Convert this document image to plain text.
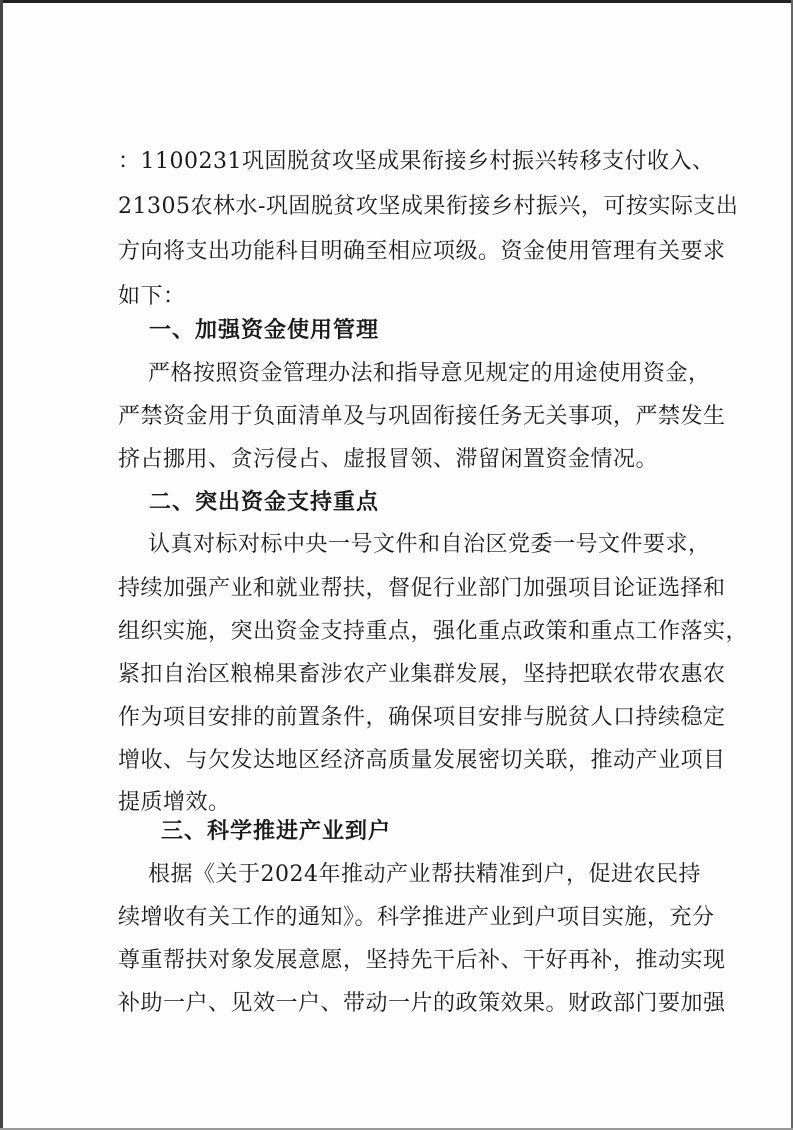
：1100231巩固脱贫攻坚成果衔接乡村振兴转移支付收入、
21305农林水-巩固脱贫攻坚成果衔接乡村振兴，可按实际支出
方向将支出功能科目明确至相应项级。资金使用管理有关要求
如下：
一、加强资金使用管理
严格按照资金管理办法和指导意见规定的用途使用资金，
严禁资金用于负面清单及与巩固衔接任务无关事项，严禁发生
挤占挪用、贪污侵占、虚报冒领、滞留闲置资金情况。
二、突出资金支持重点
认真对标对标中央一号文件和自治区党委一号文件要求，
持续加强产业和就业帮扶，督促行业部门加强项目论证选择和
组织实施，突出资金支持重点，强化重点政策和重点工作落实，
紧扣自治区粮棉果畜涉农产业集群发展，坚持把联农带农惠农
作为项目安排的前置条件，确保项目安排与脱贫人口持续稳定
增收、与欠发达地区经济高质量发展密切关联，推动产业项目
提质增效。
三、科学推进产业到户
根据《关于2024年推动产业帮扶精准到户，促进农民持
续增收有关工作的通知》。科学推进产业到户项目实施，充分
尊重帮扶对象发展意愿，坚持先干后补、干好再补，推动实现
补助一户、见效一户、带动一片的政策效果。财政部门要加强
